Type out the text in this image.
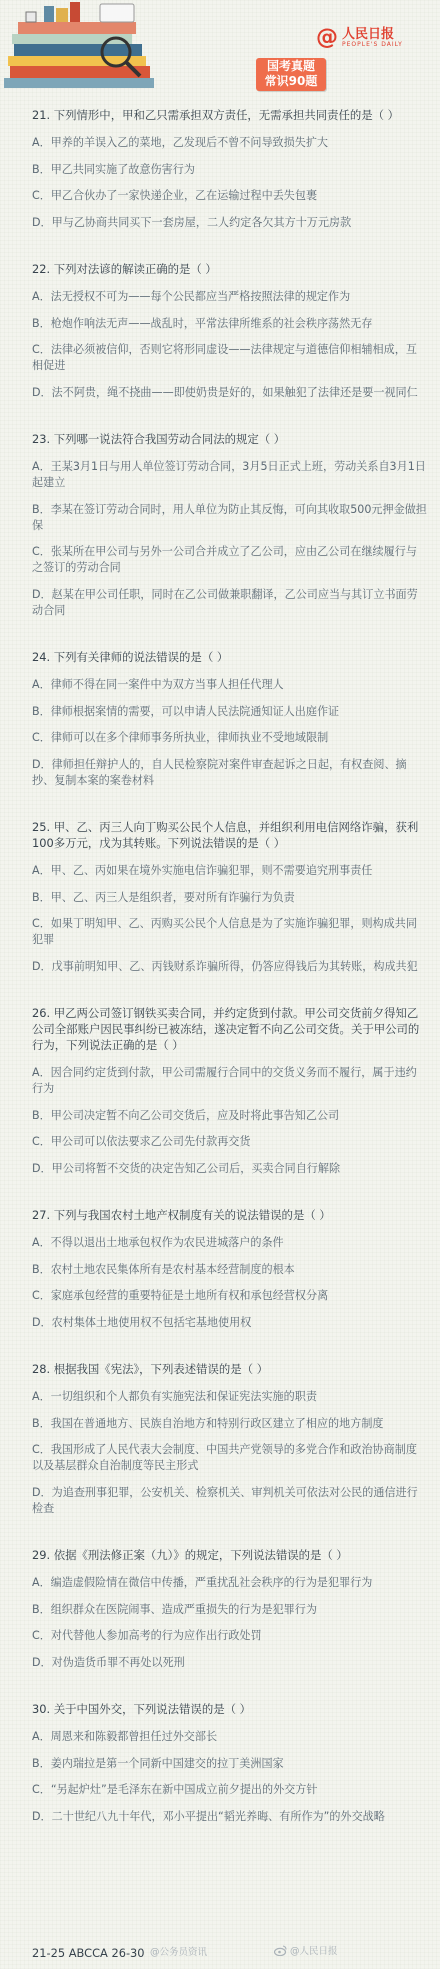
@ 人民日报
PEOPLE'S DAILY
国考真题
常识90题

21. 下列情形中，甲和乙只需承担双方责任，无需承担共同责任的是（ ）

A．甲养的羊误入乙的菜地，乙发现后不曾不问导致损失扩大

B．甲乙共同实施了故意伤害行为

C．甲乙合伙办了一家快递企业，乙在运输过程中丢失包裹

D．甲与乙协商共同买下一套房屋，二人约定各欠其方十万元房款

22. 下列对法谚的解读正确的是（ ）

A．法无授权不可为——每个公民都应当严格按照法律的规定作为

B．枪炮作响法无声——战乱时，平常法律所维系的社会秩序荡然无存

C．法律必须被信仰，否则它将形同虚设——法律规定与道德信仰相辅相成，互相促进

D．法不阿贵，绳不挠曲——即使奶贵是好的，如果触犯了法律还是要一视同仁

23. 下列哪一说法符合我国劳动合同法的规定（ ）

A．王某3月1日与用人单位签订劳动合同，3月5日正式上班，劳动关系自3月1日起建立

B．李某在签订劳动合同时，用人单位为防止其反悔，可向其收取500元押金做担保

C．张某所在甲公司与另外一公司合并成立了乙公司，应由乙公司在继续履行与之签订的劳动合同

D．赵某在甲公司任职，同时在乙公司做兼职翻译，乙公司应当与其订立书面劳动合同

24. 下列有关律师的说法错误的是（ ）

A．律师不得在同一案件中为双方当事人担任代理人

B．律师根据案情的需要，可以申请人民法院通知证人出庭作证

C．律师可以在多个律师事务所执业，律师执业不受地域限制

D．律师担任辩护人的，自人民检察院对案件审查起诉之日起，有权查阅、摘抄、复制本案的案卷材料

25. 甲、乙、丙三人向丁购买公民个人信息，并组织利用电信网络诈骗，获利100多万元，戊为其转账。下列说法错误的是（ ）

A．甲、乙、丙如果在境外实施电信诈骗犯罪，则不需要追究刑事责任

B．甲、乙、丙三人是组织者，要对所有诈骗行为负责

C．如果丁明知甲、乙、丙购买公民个人信息是为了实施诈骗犯罪，则构成共同犯罪

D．戊事前明知甲、乙、丙钱财系诈骗所得，仍答应得钱后为其转账，构成共犯

26. 甲乙两公司签订钢铁买卖合同，并约定货到付款。甲公司交货前夕得知乙公司全部账户因民事纠纷已被冻结，遂决定暂不向乙公司交货。关于甲公司的行为，下列说法正确的是（ ）

A．因合同约定货到付款，甲公司需履行合同中的交货义务而不履行，属于违约行为

B．甲公司决定暂不向乙公司交货后，应及时将此事告知乙公司

C．甲公司可以依法要求乙公司先付款再交货

D．甲公司将暂不交货的决定告知乙公司后，买卖合同自行解除

27. 下列与我国农村土地产权制度有关的说法错误的是（ ）

A．不得以退出土地承包权作为农民进城落户的条件

B．农村土地农民集体所有是农村基本经营制度的根本

C．家庭承包经营的重要特征是土地所有权和承包经营权分离

D．农村集体土地使用权不包括宅基地使用权

28. 根据我国《宪法》，下列表述错误的是（ ）

A．一切组织和个人都负有实施宪法和保证宪法实施的职责

B．我国在普通地方、民族自治地方和特别行政区建立了相应的地方制度

C．我国形成了人民代表大会制度、中国共产党领导的多党合作和政治协商制度以及基层群众自治制度等民主形式

D．为追查刑事犯罪，公安机关、检察机关、审判机关可依法对公民的通信进行检查

29. 依据《刑法修正案（九）》的规定，下列说法错误的是（ ）

A．编造虚假险情在微信中传播，严重扰乱社会秩序的行为是犯罪行为

B．组织群众在医院闹事、造成严重损失的行为是犯罪行为

C．对代替他人参加高考的行为应作出行政处罚

D．对伪造货币罪不再处以死刑

30. 关于中国外交，下列说法错误的是（ ）

A．周恩来和陈毅都曾担任过外交部长

B．姜内瑞拉是第一个同新中国建交的拉丁美洲国家

C．“另起炉灶”是毛泽东在新中国成立前夕提出的外交方针

D．二十世纪八九十年代，邓小平提出“韬光养晦、有所作为”的外交战略

21-25 ABCCA 26-30 @公务员资讯	@人民日报
